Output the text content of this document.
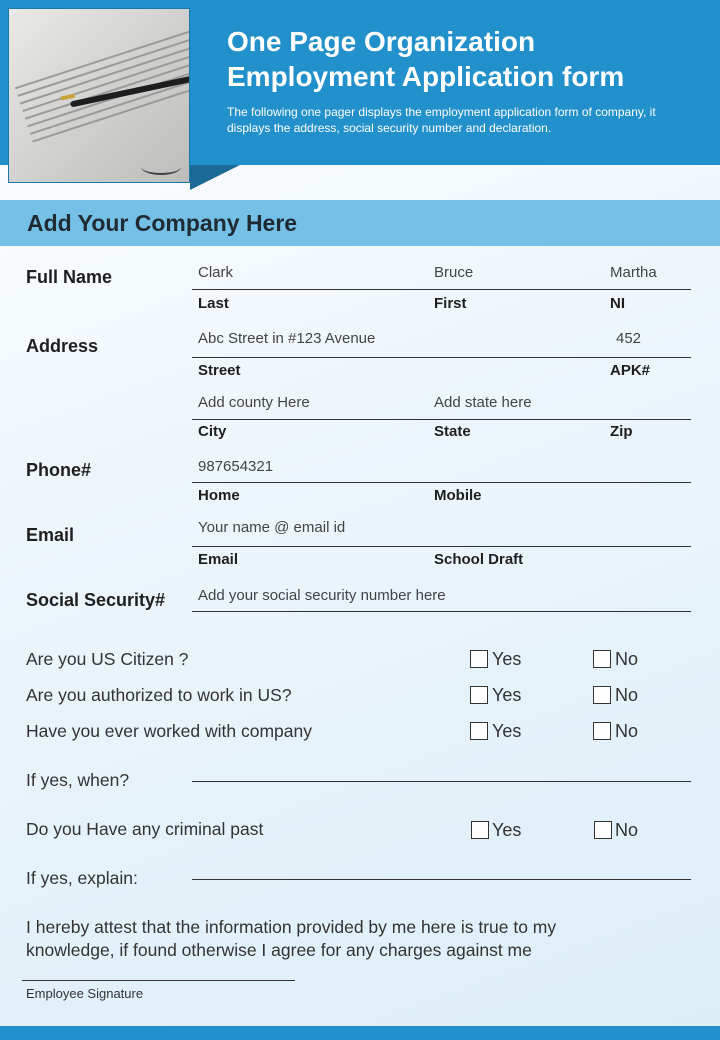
One Page Organization Employment Application form
The following one pager displays the employment application form of company, it displays the address, social security number and declaration.
Add Your Company Here
Full Name	Clark	Bruce	Martha
Last	First	NI
Address	Abc Street in #123 Avenue	452
Street	APK#
Add county Here	Add state here
City	State	Zip
Phone#	987654321
Home	Mobile
Email	Your name @ email id
Email	School Draft
Social Security# Add your social security number here
Are you US Citizen ?	Yes	No
Are you authorized to work in US?	Yes	No
Have you ever worked with company	Yes	No
If yes, when?
Do you Have any criminal past	Yes	No
If yes, explain:
I hereby attest that the information provided by me here is true to my knowledge, if found otherwise I agree for any charges against me
Employee Signature
